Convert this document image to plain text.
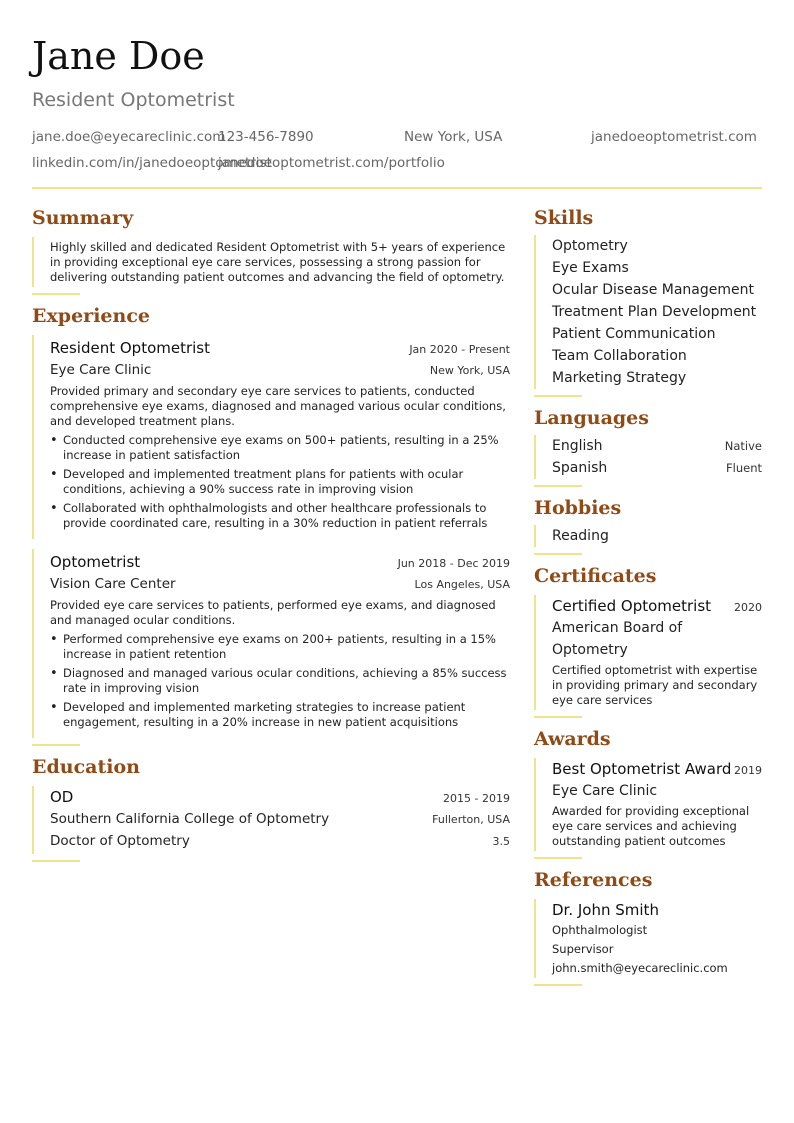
Jane Doe
Resident Optometrist
jane.doe@eyecareclinic.com
123-456-7890	New York, USA	janedoeoptometrist.com
linkedin.com/in/janedoeoptometrist
janedoeoptometrist.com/portfolio
Summary
Highly skilled and dedicated Resident Optometrist with 5+ years of experience in providing exceptional eye care services, possessing a strong passion for delivering outstanding patient outcomes and advancing the field of optometry.
Experience
Resident Optometrist	Jan 2020 - Present
Eye Care Clinic	New York, USA
Provided primary and secondary eye care services to patients, conducted comprehensive eye exams, diagnosed and managed various ocular conditions, and developed treatment plans.
• Conducted comprehensive eye exams on 500+ patients, resulting in a 25% increase in patient satisfaction
• Developed and implemented treatment plans for patients with ocular conditions, achieving a 90% success rate in improving vision
• Collaborated with ophthalmologists and other healthcare professionals to provide coordinated care, resulting in a 30% reduction in patient referrals
Optometrist	Jun 2018 - Dec 2019
Vision Care Center	Los Angeles, USA
Provided eye care services to patients, performed eye exams, and diagnosed and managed ocular conditions.
• Performed comprehensive eye exams on 200+ patients, resulting in a 15% increase in patient retention
• Diagnosed and managed various ocular conditions, achieving a 85% success rate in improving vision
• Developed and implemented marketing strategies to increase patient engagement, resulting in a 20% increase in new patient acquisitions
Education
OD	2015 - 2019
Southern California College of Optometry	Fullerton, USA
Doctor of Optometry	3.5
Skills
Optometry
Eye Exams
Ocular Disease Management
Treatment Plan Development
Patient Communication
Team Collaboration
Marketing Strategy
Languages
English	Native
Spanish	Fluent
Hobbies
Reading
Certificates
Certified Optometrist 2020
American Board of Optometry
Certified optometrist with expertise in providing primary and secondary eye care services
Awards
Best Optometrist Award 2019
Eye Care Clinic
Awarded for providing exceptional eye care services and achieving outstanding patient outcomes
References
Dr. John Smith
Ophthalmologist
Supervisor
john.smith@eyecareclinic.com
